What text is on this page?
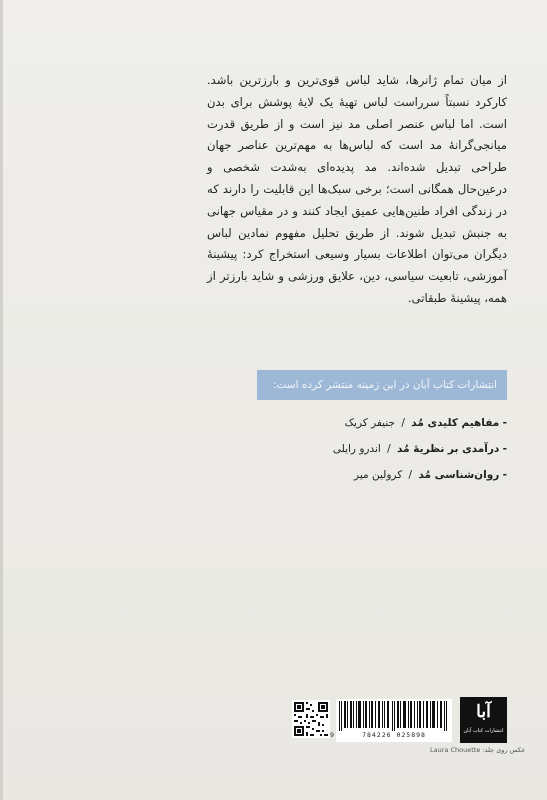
از میان تمام ژانرها، شاید لباس قوی‌ترین و بارزترین باشد. کارکرد نسبتاً سرراست لباس تهیهٔ یک لایهٔ پوشش برای بدن است. اما لباس عنصر اصلی مد نیز است و از طریق قدرت میانجی‌گرانهٔ مد است که لباس‌ها به مهم‌ترین عناصر جهان طراحی تبدیل شده‌اند. مد پدیده‌ای به‌شدت شخصی و درعین‌حال همگانی است؛ برخی سبک‌ها این قابلیت را دارند که در زندگی افراد طنین‌هایی عمیق ایجاد کنند و در مقیاس جهانی به جنبش تبدیل شوند. از طریق تحلیل مفهوم نمادین لباس دیگران می‌توان اطلاعات بسیار وسیعی استخراج کرد: پیشینهٔ آموزشی، تابعیت سیاسی، دین، علایق ورزشی و شاید بارزتر از همه، پیشینهٔ طبقاتی.

انتشارات کتاب آبان در این زمینه منتشر کرده است:
- مفاهیم کلیدی مُد / جنیفر کریک
- درآمدی بر نظریهٔ مُد / اندرو رایلی
- روان‌شناسی مُد / کرولین میر
9	784226 025898
آبا
انتشارات کتاب آبان
عکس روی جلد: Laura Chouette
